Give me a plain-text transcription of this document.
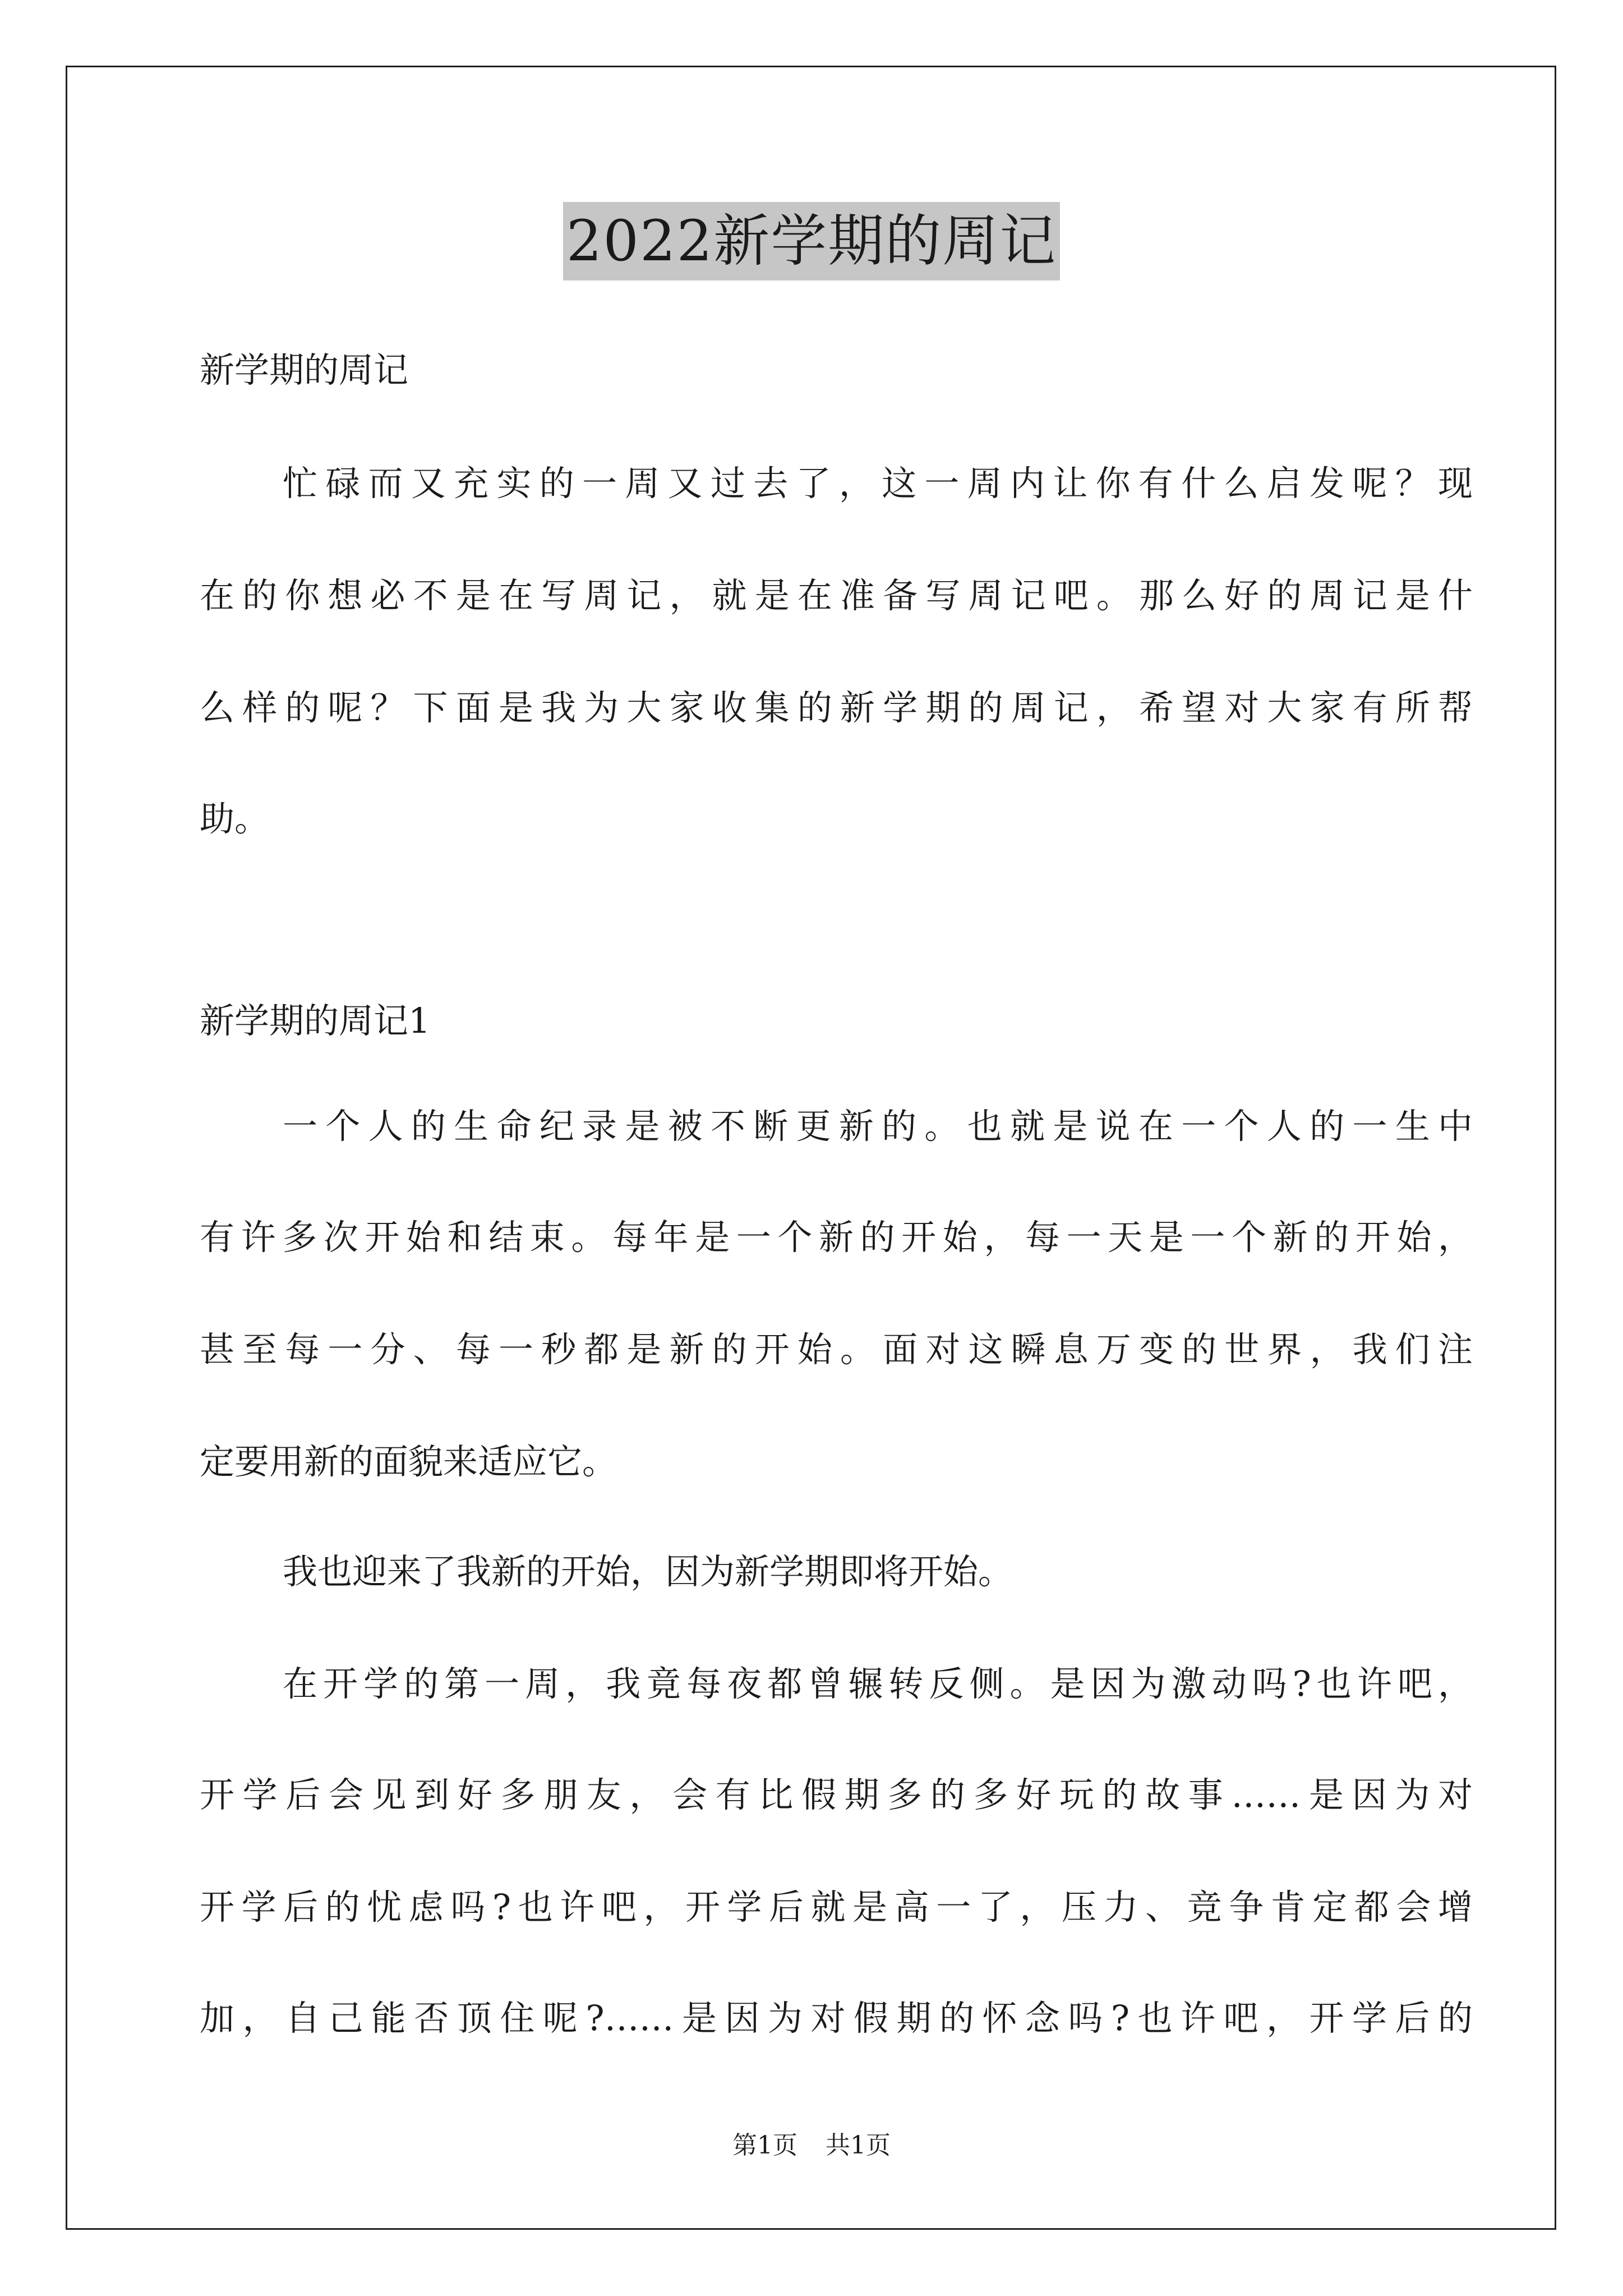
2022新学期的周记
新学期的周记
忙碌而又充实的一周又过去了，这一周内让你有什么启发呢？现
在的你想必不是在写周记，就是在准备写周记吧。那么好的周记是什
么样的呢？下面是我为大家收集的新学期的周记，希望对大家有所帮
助。
新学期的周记1
一个人的生命纪录是被不断更新的。也就是说在一个人的一生中
有许多次开始和结束。每年是一个新的开始，每一天是一个新的开始，
甚至每一分、每一秒都是新的开始。面对这瞬息万变的世界，我们注
定要用新的面貌来适应它。
我也迎来了我新的开始，因为新学期即将开始。
在开学的第一周，我竟每夜都曾辗转反侧。是因为激动吗?也许吧，
开学后会见到好多朋友，会有比假期多的多好玩的故事……是因为对
开学后的忧虑吗?也许吧，开学后就是高一了，压力、竞争肯定都会增
加，自己能否顶住呢?……是因为对假期的怀念吗?也许吧，开学后的
第1页 共1页
